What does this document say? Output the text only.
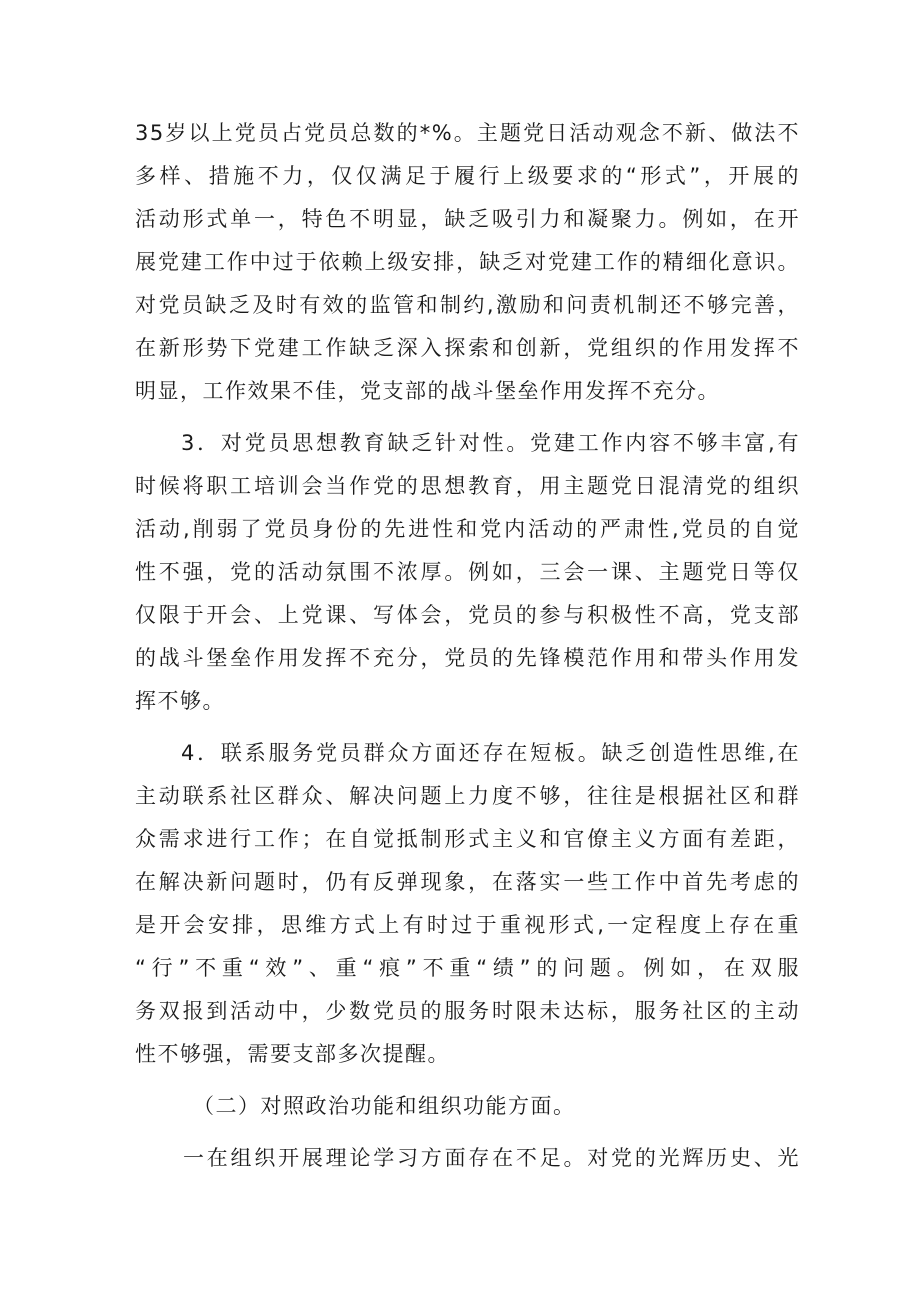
35岁以上党员占党员总数的*%。主题党日活动观念不新、做法不
多样、措施不力，仅仅满足于履行上级要求的“形式”，开展的
活动形式单一，特色不明显，缺乏吸引力和凝聚力。例如，在开
展党建工作中过于依赖上级安排，缺乏对党建工作的精细化意识。
对党员缺乏及时有效的监管和制约,激励和问责机制还不够完善，
在新形势下党建工作缺乏深入探索和创新，党组织的作用发挥不
明显，工作效果不佳，党支部的战斗堡垒作用发挥不充分。
3．对党员思想教育缺乏针对性。党建工作内容不够丰富,有
时候将职工培训会当作党的思想教育，用主题党日混清党的组织
活动,削弱了党员身份的先进性和党内活动的严肃性,党员的自觉
性不强，党的活动氛围不浓厚。例如，三会一课、主题党日等仅
仅限于开会、上党课、写体会，党员的参与积极性不高，党支部
的战斗堡垒作用发挥不充分，党员的先锋模范作用和带头作用发
挥不够。
4．联系服务党员群众方面还存在短板。缺乏创造性思维,在
主动联系社区群众、解决问题上力度不够，往往是根据社区和群
众需求进行工作；在自觉抵制形式主义和官僚主义方面有差距，
在解决新问题时，仍有反弹现象，在落实一些工作中首先考虑的
是开会安排，思维方式上有时过于重视形式,一定程度上存在重
“行”不重“效”、重“痕”不重“绩”的问题。例如，在双服
务双报到活动中，少数党员的服务时限未达标，服务社区的主动
性不够强，需要支部多次提醒。
（二）对照政治功能和组织功能方面。
一在组织开展理论学习方面存在不足。对党的光辉历史、光
